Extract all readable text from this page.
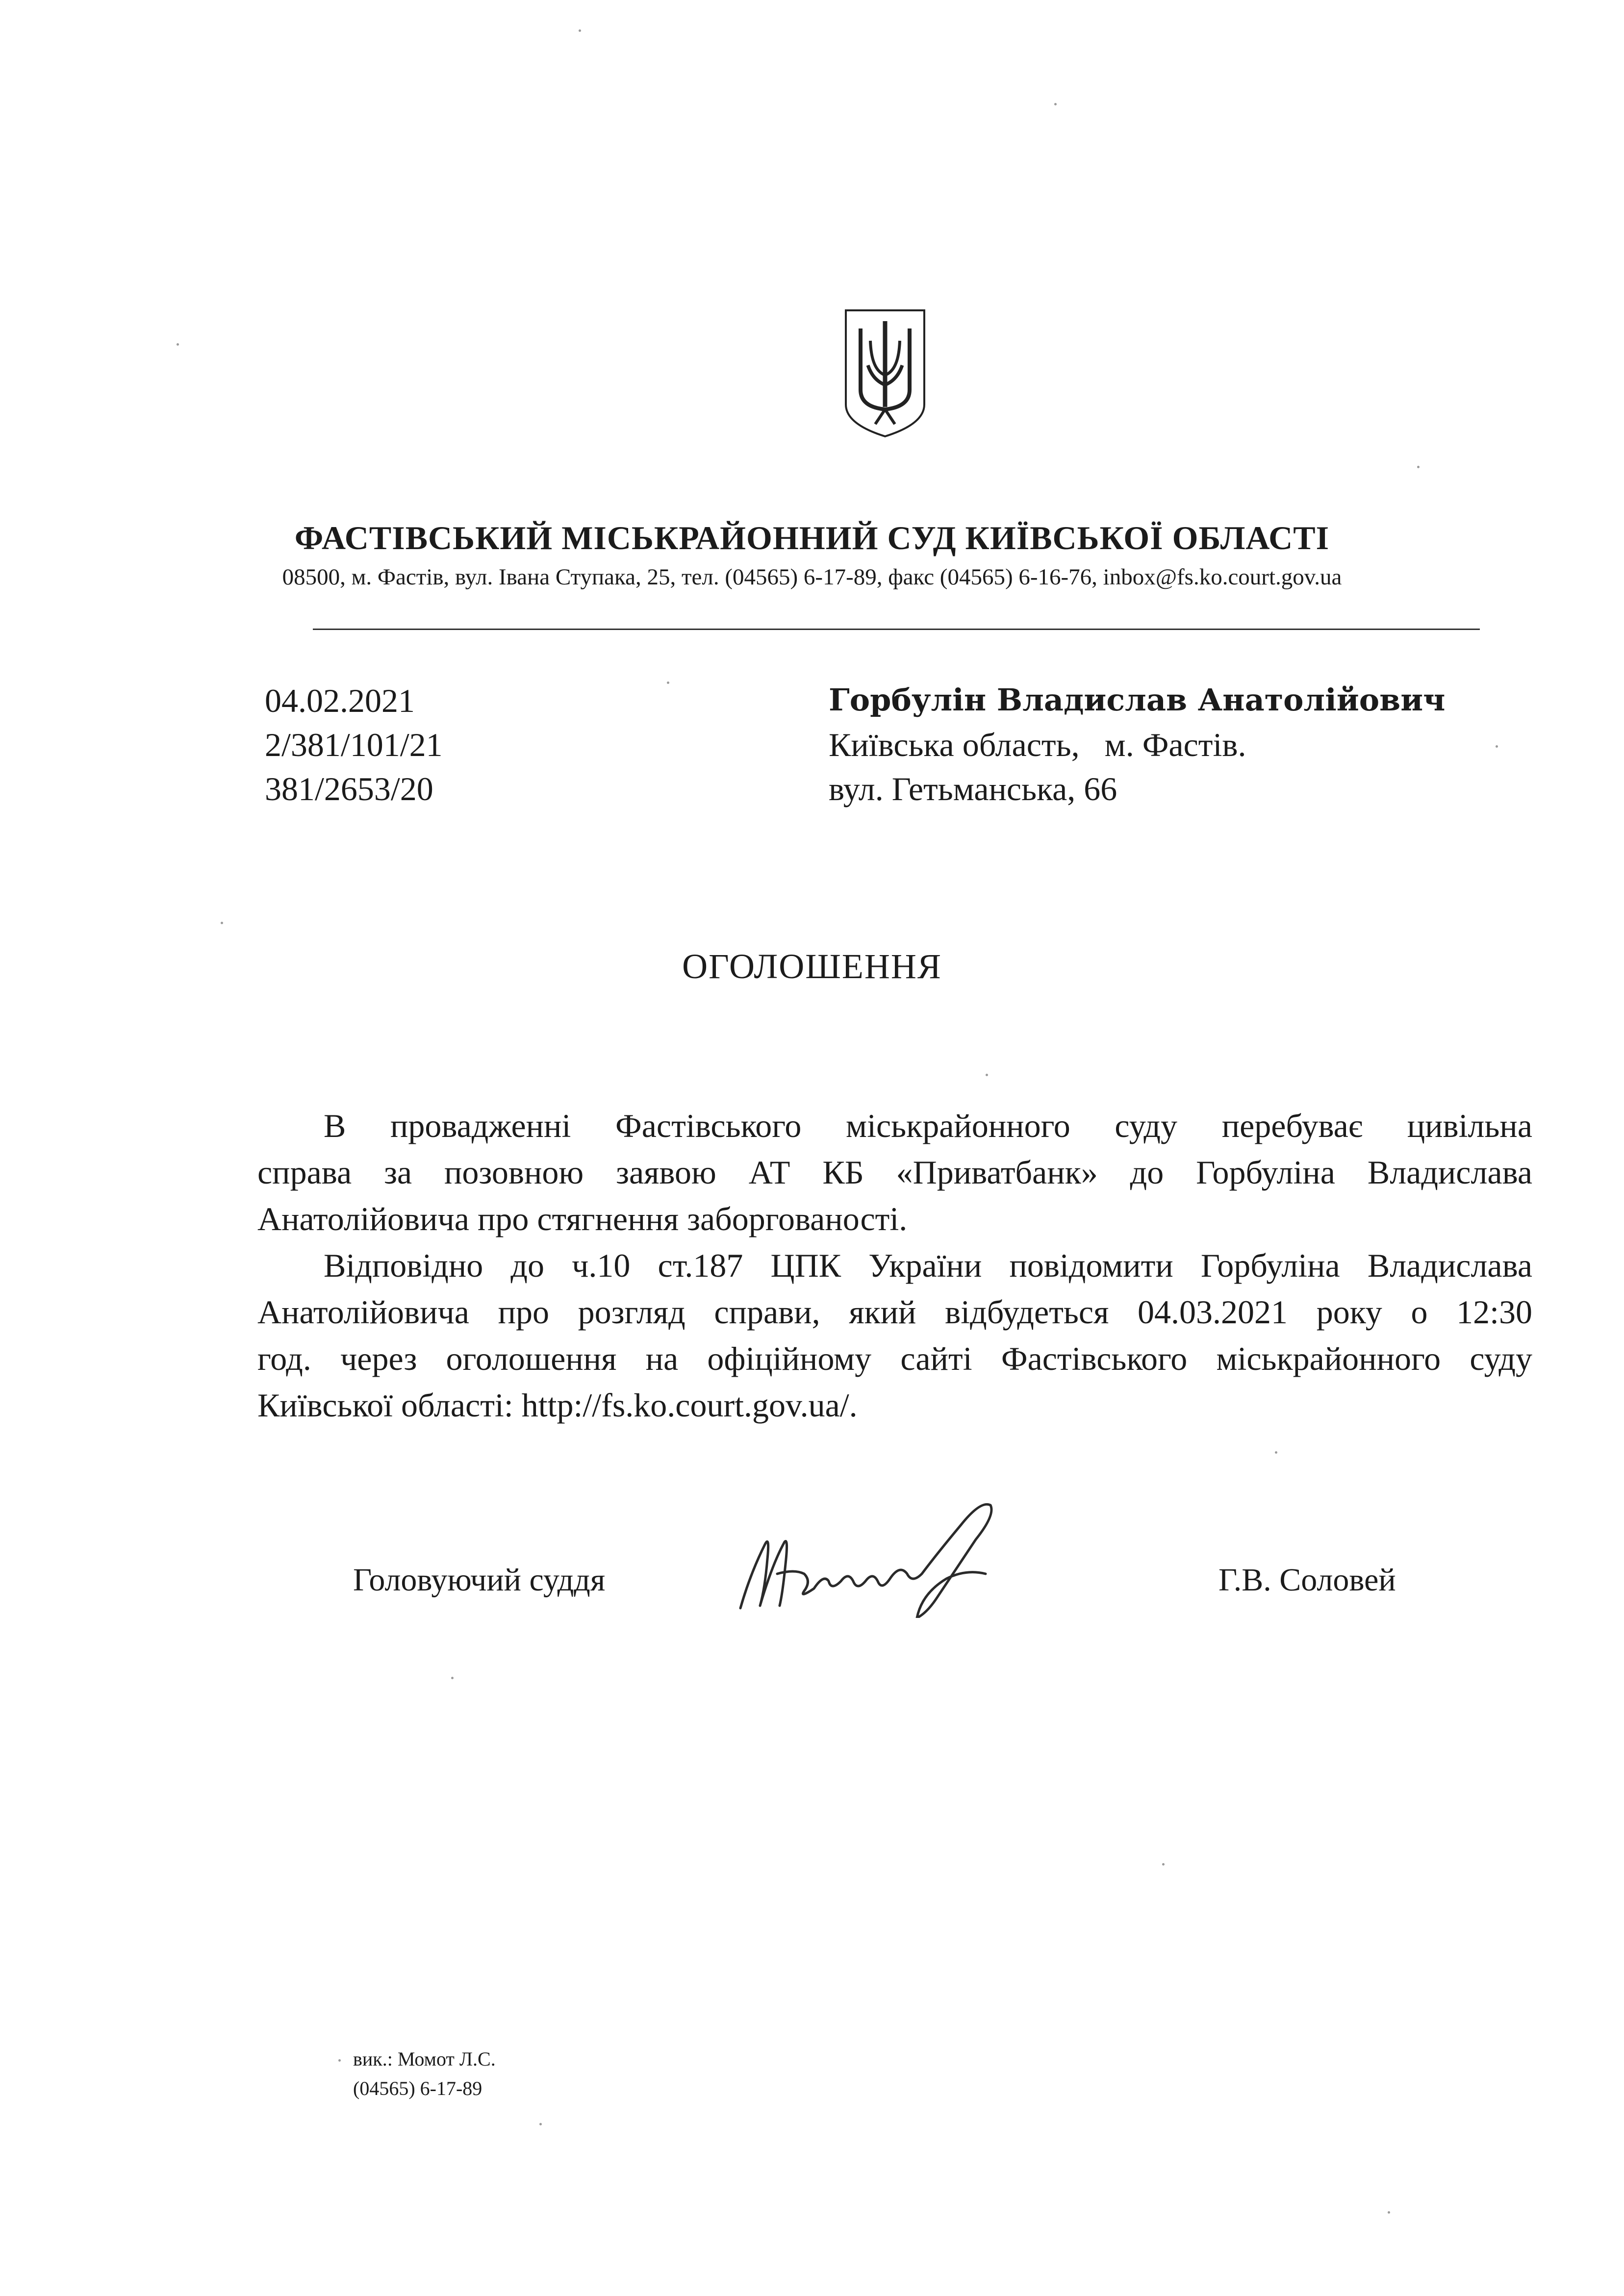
ФАСТІВСЬКИЙ МІСЬКРАЙОННИЙ СУД КИЇВСЬКОЇ ОБЛАСТІ
08500, м. Фастів, вул. Івана Ступака, 25, тел. (04565) 6-17-89, факс (04565) 6-16-76, inbox@fs.ko.court.gov.ua
04.02.2021
2/381/101/21
381/2653/20
Горбулін Владислав Анатолійович
Київська область,   м. Фастів.
вул. Гетьманська, 66
ОГОЛОШЕННЯ
В провадженні Фастівського міськрайонного суду перебуває цивільна
справа за позовною заявою АТ КБ «Приватбанк» до Горбуліна Владислава
Анатолійовича про стягнення заборгованості.
Відповідно до ч.10 ст.187 ЦПК України повідомити Горбуліна Владислава
Анатолійовича про розгляд справи, який відбудеться 04.03.2021 року о 12:30
год. через оголошення на офіційному сайті Фастівського міськрайонного суду
Київської області: http://fs.ko.court.gov.ua/.
Головуючий суддя	Г.В. Соловей
вик.: Момот Л.С.
(04565) 6-17-89
